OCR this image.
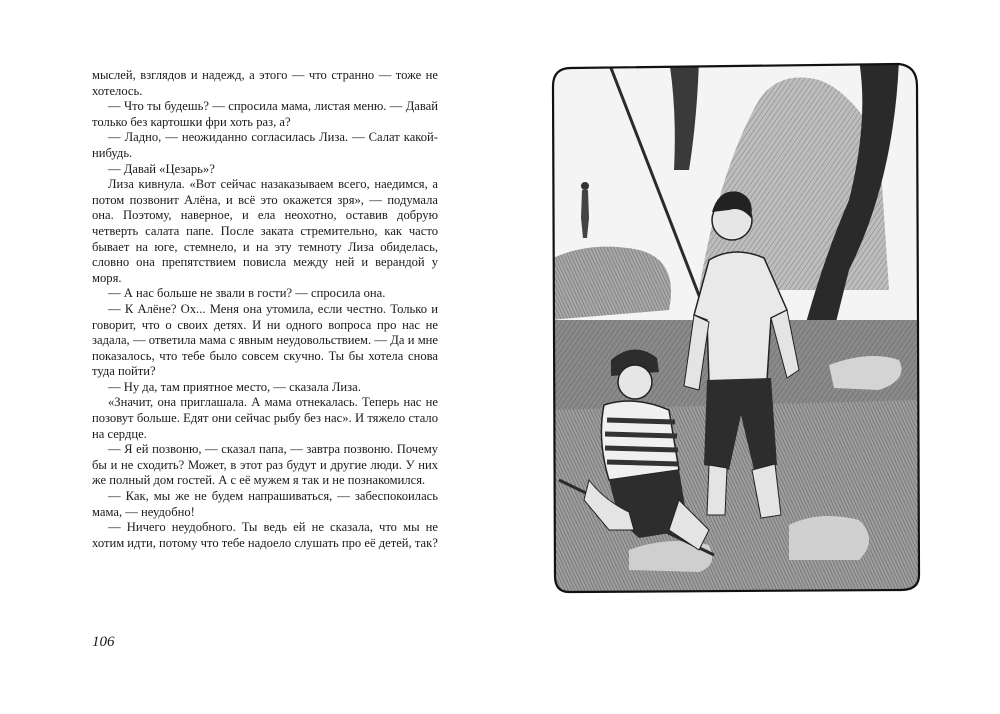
мыслей, взглядов и надежд, а этого — что странно — тоже не хотелось.

— Что ты будешь? — спросила мама, листая меню. — Давай только без картошки фри хоть раз, а?

— Ладно, — неожиданно согласилась Лиза. — Салат какой-нибудь.

— Давай «Цезарь»?

Лиза кивнула. «Вот сейчас назаказываем всего, наедимся, а потом позвонит Алёна, и всё это окажется зря», — подумала она. Поэтому, наверное, и ела неохотно, оставив добрую четверть салата папе. После заката стремительно, как часто бывает на юге, стемнело, и на эту темноту Лиза обиделась, словно она препятствием повисла между ней и верандой у моря.

— А нас больше не звали в гости? — спросила она.

— К Алёне? Ох... Меня она утомила, если честно. Только и говорит, что о своих детях. И ни одного вопроса про нас не задала, — ответила мама с явным неудовольствием. — Да и мне показалось, что тебе было совсем скучно. Ты бы хотела снова туда пойти?

— Ну да, там приятное место, — сказала Лиза.

«Значит, она приглашала. А мама отнекалась. Теперь нас не позовут больше. Едят они сейчас рыбу без нас». И тяжело стало на сердце.

— Я ей позвоню, — сказал папа, — завтра позвоню. Почему бы и не сходить? Может, в этот раз будут и другие люди. У них же полный дом гостей. А с её мужем я так и не познакомился.

— Как, мы же не будем напрашиваться, — забеспокоилась мама, — неудобно!

— Ничего неудобного. Ты ведь ей не сказала, что мы не хотим идти, потому что тебе надоело слушать про её детей, так?

106
